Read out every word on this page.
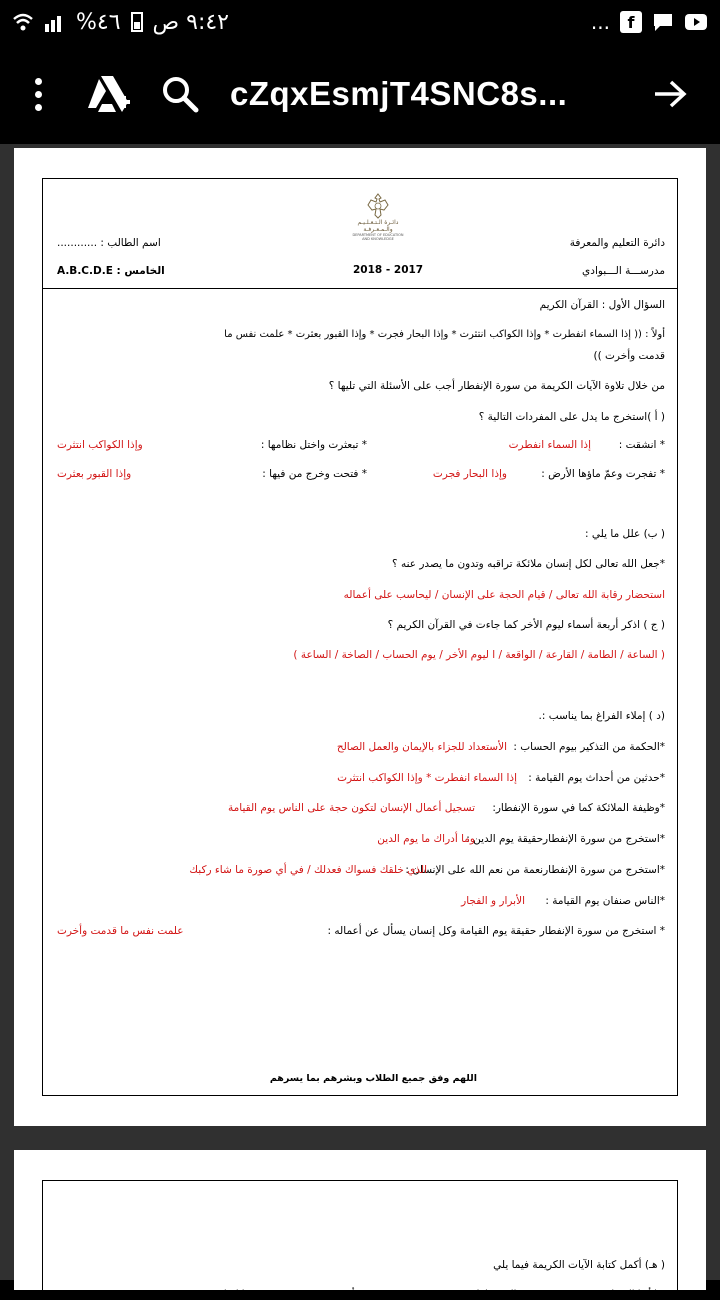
٩:٤٢ ص
٤٦%	...	f
cZqxEsmjT4SNC8s...
دائـرة الـتـعـلـيـم والـمـعـرفـة
DEPARTMENT OF EDUCATION
AND KNOWLEDGE	دائرة التعليم والمعرفة
اسم الطالب : ............
مدرســـة الـــبوادي
2018 - 2017
الخامس : A.B.C.D.E
السؤال الأول : القرآن الكريم
أولاً : (( إذا السماء انفطرت * وإذا الكواكب انتثرت * وإذا البحار فجرت * وإذا القبور بعثرت * علمت نفس ما
قدمت وأخرت ))
من خلال تلاوة الآيات الكريمة من سورة الإنفطار أجب على الأسئلة التي تليها ؟
( أ )استخرج ما يدل على المفردات التالية ؟
* انشقت :
إذا السماء انفطرت
* تبعثرت واختل نظامها :
وإذا الكواكب انتثرت
* تفجرت وعمّ ماؤها الأرض :
وإذا البحار فجرت
* فتحت وخرج من فيها :
وإذا القبور بعثرت
( ب) علل ما يلي :
*جعل الله تعالى لكل إنسان ملائكة تراقبه وتدون ما يصدر عنه ؟
استحضار رقابة الله تعالى / قيام الحجة على الإنسان / ليحاسب على أعماله
( ج ) اذكر أربعة أسماء ليوم الأخر كما جاءت في القرآن الكريم ؟
( الساعة / الطامة / القارعة / الواقعة / ا ليوم الأخر / يوم الحساب / الصاخة / الساعة )
(د ) إملاء الفراغ بما يناسب :.
*الحكمة من التذكير بيوم الحساب :
الأستعداد للجزاء بالإيمان والعمل الصالح
*حدثين من أحداث يوم القيامة :
إذا السماء انفطرت * وإذا الكواكب انتثرت
*وظيفة الملائكة كما في سورة الإنفطار:
تسجيل أعمال الإنسان لتكون حجة على الناس يوم القيامة
*استخرج من سورة الإنفطارحقيقة يوم الدين :
وما أدراك ما يوم الدين
*استخرج من سورة الإنفطارنعمة من نعم الله على الإنسان :
الذي خلقك فسواك فعدلك / في أي صورة ما شاء ركبك
*الناس صنفان يوم القيامة :
الأبرار و الفجار
* استخرج من سورة الإنفطار حقيقة يوم القيامة وكل إنسان يسأل عن أعماله :
علمت نفس ما قدمت وأخرت
اللهم وفق جميع الطلاب وبشرهم بما يسرهم
( هـ) أكمل كتابة الآيات الكريمة فيما يلي
*يا أيها الإنسان ........................* الذي خلقك ............................* في أي ............................* كلا بل
